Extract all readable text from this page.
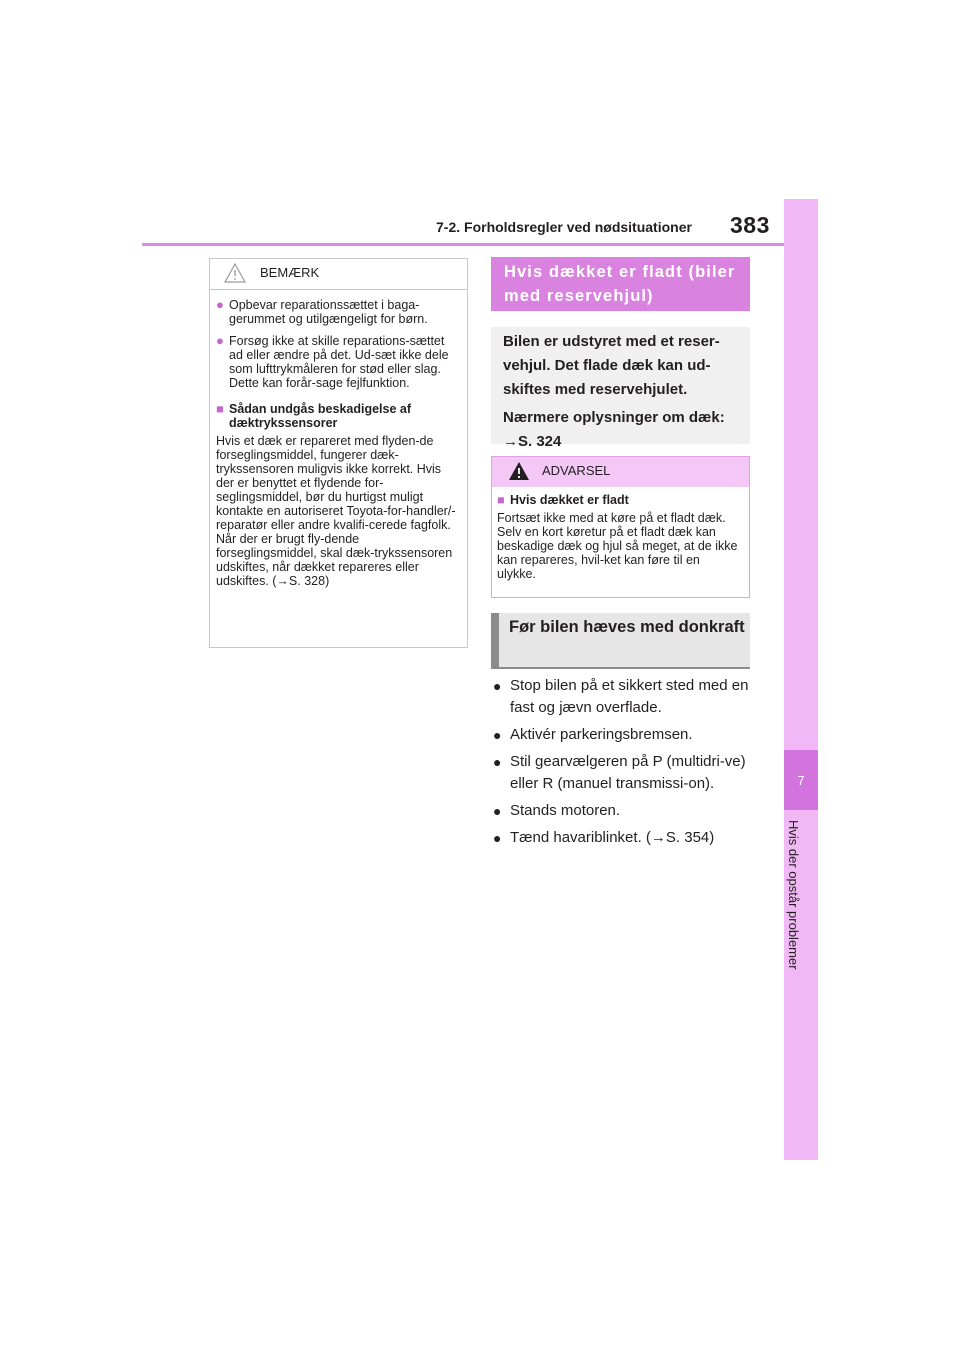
7-2. Forholdsregler ved nødsituationer 383
7
Hvis der opstår problemer
BEMÆRK
● Opbevar reparationssættet i baga-gerummet og utilgængeligt for børn.
● Forsøg ikke at skille reparations-sættet ad eller ændre på det. Ud-sæt ikke dele som lufttrykmåleren for stød eller slag. Dette kan forår-sage fejlfunktion.
■ Sådan undgås beskadigelse af dæktrykssensorer
Hvis et dæk er repareret med flyden-de forseglingsmiddel, fungerer dæk-trykssensoren muligvis ikke korrekt. Hvis der er benyttet et flydende for-seglingsmiddel, bør du hurtigst muligt kontakte en autoriseret Toyota-for-handler/-reparatør eller andre kvalifi-cerede fagfolk. Når der er brugt fly-dende forseglingsmiddel, skal dæk-trykssensoren udskiftes, når dækket repareres eller udskiftes. (→S. 328)
Hvis dækket er fladt (biler med reservehjul)
Bilen er udstyret med et reser-vehjul. Det flade dæk kan ud-skiftes med reservehjulet.
Nærmere oplysninger om dæk:
→S. 324
ADVARSEL
■ Hvis dækket er fladt
Fortsæt ikke med at køre på et fladt dæk. Selv en kort køretur på et fladt dæk kan beskadige dæk og hjul så meget, at de ikke kan repareres, hvil-ket kan føre til en ulykke.
Før bilen hæves med donkraft
● Stop bilen på et sikkert sted med en fast og jævn overflade.
● Aktivér parkeringsbremsen.
● Stil gearvælgeren på P (multidri-ve) eller R (manuel transmissi-on).
● Stands motoren.
● Tænd havariblinket. (→S. 354)
